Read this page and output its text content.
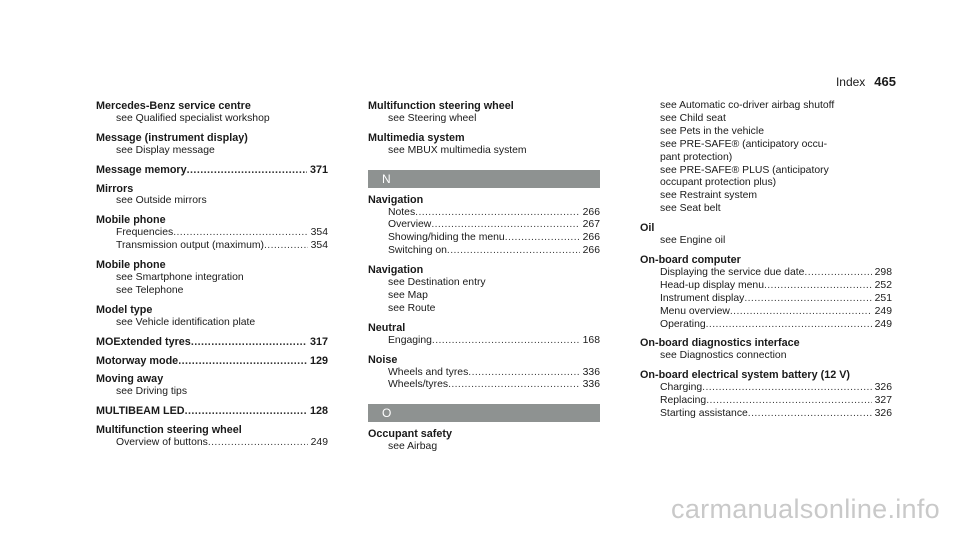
Index 465
Mercedes-Benz service centre
see Qualified specialist workshop
Message (instrument display)
see Display message
Message memory .....	371
Mirrors
see Outside mirrors
Mobile phone
Frequencies .....	354
Transmission output (maximum) .....	354
Mobile phone
see Smartphone integration
see Telephone
Model type
see Vehicle identification plate
MOExtended tyres .....	317
Motorway mode .....	129
Moving away
see Driving tips
MULTIBEAM LED .....	128
Multifunction steering wheel
Overview of buttons .....	249
Multifunction steering wheel
see Steering wheel
Multimedia system
see MBUX multimedia system
N
Navigation
Notes .....	266
Overview .....	267
Showing/hiding the menu .....	266
Switching on .....	266
Navigation
see Destination entry
see Map
see Route
Neutral
Engaging .....	168
Noise
Wheels and tyres .....	336
Wheels/tyres .....	336
O
Occupant safety
see Airbag
see Automatic co-driver airbag shutoff
see Child seat
see Pets in the vehicle
see PRE-SAFE® (anticipatory occu-
pant protection)
see PRE-SAFE® PLUS (anticipatory
occupant protection plus)
see Restraint system
see Seat belt
Oil
see Engine oil
On-board computer
Displaying the service due date .....	298
Head-up display menu .....	252
Instrument display .....	251
Menu overview .....	249
Operating .....	249
On-board diagnostics interface
see Diagnostics connection
On-board electrical system battery (12 V)
Charging .....	326
Replacing .....	327
Starting assistance .....	326
carmanualsonline.info
